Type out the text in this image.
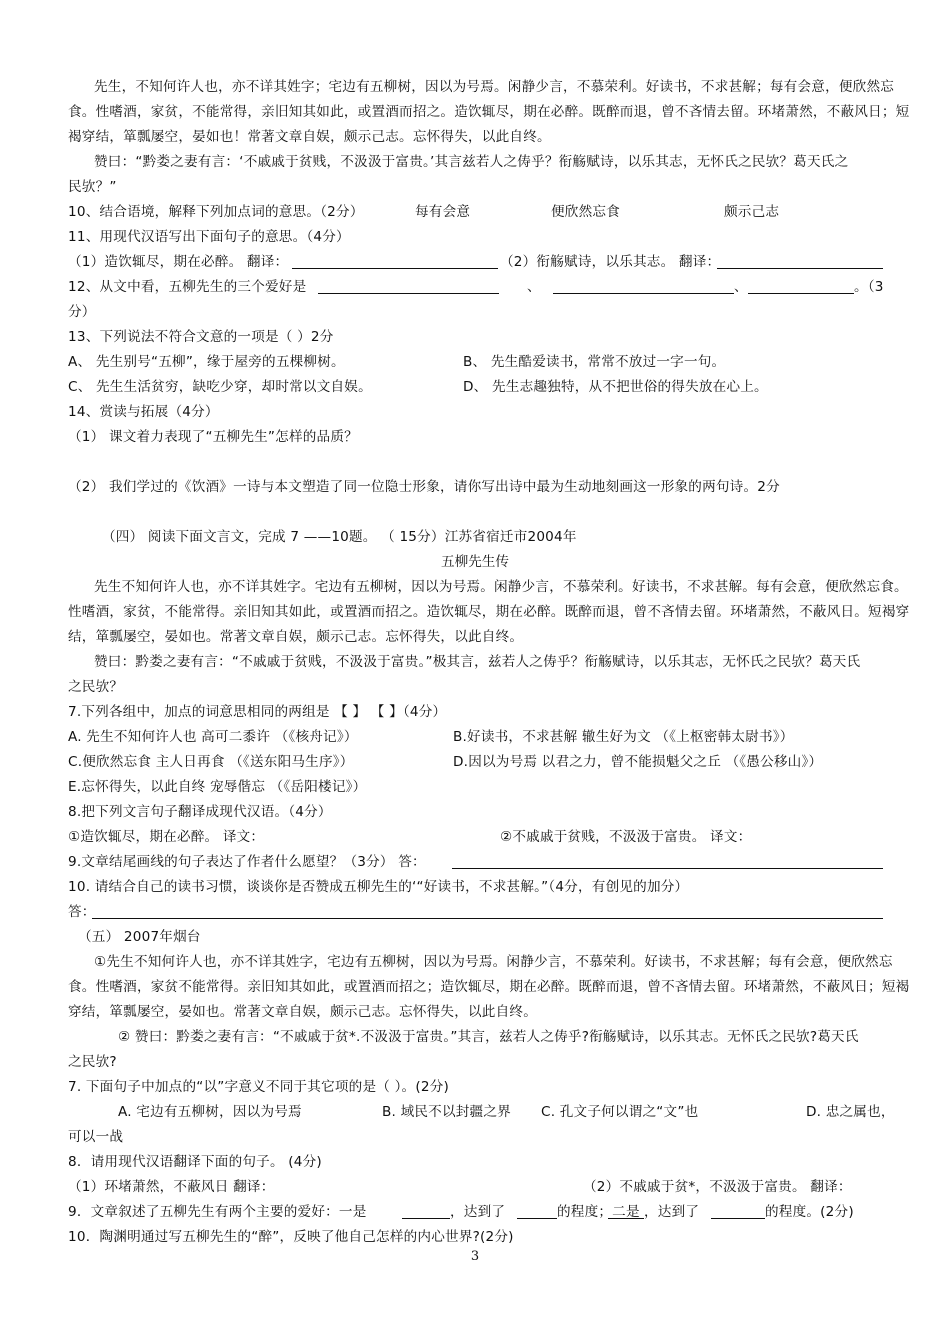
先生，不知何许人也，亦不详其姓字；宅边有五柳树，因以为号焉。闲静少言，不慕荣利。好读书，不求甚解；每有会意，便欣然忘
食。性嗜酒，家贫，不能常得，亲旧知其如此，或置酒而招之。造饮辄尽，期在必醉。既醉而退，曾不吝情去留。环堵萧然，不蔽风日；短
褐穿结，箪瓢屡空，晏如也！常著文章自娱，颇示己志。忘怀得失，以此自终。
赞曰：“黔娄之妻有言：‘不戚戚于贫贱，不汲汲于富贵。’其言兹若人之俦乎？衔觞赋诗，以乐其志，无怀氏之民欤？葛天氏之
民欤？”
10、结合语境，解释下列加点词的意思。（2分）	每有会意	便欣然忘食	颇示己志
11、用现代汉语写出下面句子的意思。（4分）
（1）造饮辄尽，期在必醉。 翻译：	（2）衔觞赋诗，以乐其志。 翻译：
12、从文中看，五柳先生的三个爱好是	、	、	。（3
分）
13、下列说法不符合文意的一项是（ ）2分
A、 先生别号“五柳”，缘于屋旁的五棵柳树。	B、 先生酷爱读书，常常不放过一字一句。
C、 先生生活贫穷，缺吃少穿，却时常以文自娱。	D、 先生志趣独特，从不把世俗的得失放在心上。
14、赏读与拓展（4分）
（1） 课文着力表现了“五柳先生”怎样的品质？
（2） 我们学过的《饮酒》一诗与本文塑造了同一位隐士形象，请你写出诗中最为生动地刻画这一形象的两句诗。2分
（四） 阅读下面文言文，完成 7 ——10题。 （ 15分）江苏省宿迁市2004年
五柳先生传
先生不知何许人也，亦不详其姓字。宅边有五柳树，因以为号焉。闲静少言，不慕荣利。好读书，不求甚解。每有会意，便欣然忘食。
性嗜酒，家贫，不能常得。亲旧知其如此，或置酒而招之。造饮辄尽，期在必醉。既醉而退，曾不吝情去留。环堵萧然，不蔽风日。短褐穿
结，箪瓢屡空，晏如也。常著文章自娱，颇示己志。忘怀得失，以此自终。
赞曰：黔娄之妻有言：“不戚戚于贫贱，不汲汲于富贵。”极其言，兹若人之俦乎？衔觞赋诗，以乐其志，无怀氏之民欤？葛天氏
之民欤？
7.下列各组中，加点的词意思相同的两组是 【 】 【 】（4分）
A. 先生不知何许人也 高可二黍许 （《核舟记》）	B.好读书，不求甚解 辙生好为文 （《上枢密韩太尉书》）
C.便欣然忘食 主人日再食 （《送东阳马生序》）	D.因以为号焉 以君之力，曾不能损魁父之丘 （《愚公移山》）
E.忘怀得失，以此自终 宠辱偕忘 （《岳阳楼记》）
8.把下列文言句子翻译成现代汉语。（4分）
①造饮辄尽，期在必醉。 译文：	②不戚戚于贫贱，不汲汲于富贵。 译文：
9.文章结尾画线的句子表达了作者什么愿望？（3分） 答：
10. 请结合自己的读书习惯，谈谈你是否赞成五柳先生的‘“好读书，不求甚解。”（4分，有创见的加分）
答：
（五） 2007年烟台
①先生不知何许人也，亦不详其姓字，宅边有五柳树，因以为号焉。闲静少言，不慕荣利。好读书，不求甚解；每有会意，便欣然忘
食。性嗜酒，家贫不能常得。亲旧知其如此，或置酒而招之；造饮辄尽，期在必醉。既醉而退，曾不吝情去留。环堵萧然，不蔽风日；短褐
穿结，箪瓢屡空，晏如也。常著文章自娱，颇示己志。忘怀得失，以此自终。
② 赞曰：黔娄之妻有言：“不戚戚于贫*.不汲汲于富贵。”其言，兹若人之俦乎?衔觞赋诗，以乐其志。无怀氏之民欤?葛天氏
之民欤?
7. 下面句子中加点的“以”字意义不同于其它项的是（ ）。(2分)
A. 宅边有五柳树，因以为号焉	B. 域民不以封疆之界 C. 孔文子何以谓之“文”也	D. 忠之属也，
可以一战
8．请用现代汉语翻译下面的句子。 (4分)
（1）环堵萧然，不蔽风日 翻译：	（2）不戚戚于贫*，不汲汲于富贵。 翻译：
9．文章叙述了五柳先生有两个主要的爱好：一是	，达到了	的程度；二是 ，达到了	的程度。(2分)
10．陶渊明通过写五柳先生的“醉”，反映了他自己怎样的内心世界?(2分)
3
